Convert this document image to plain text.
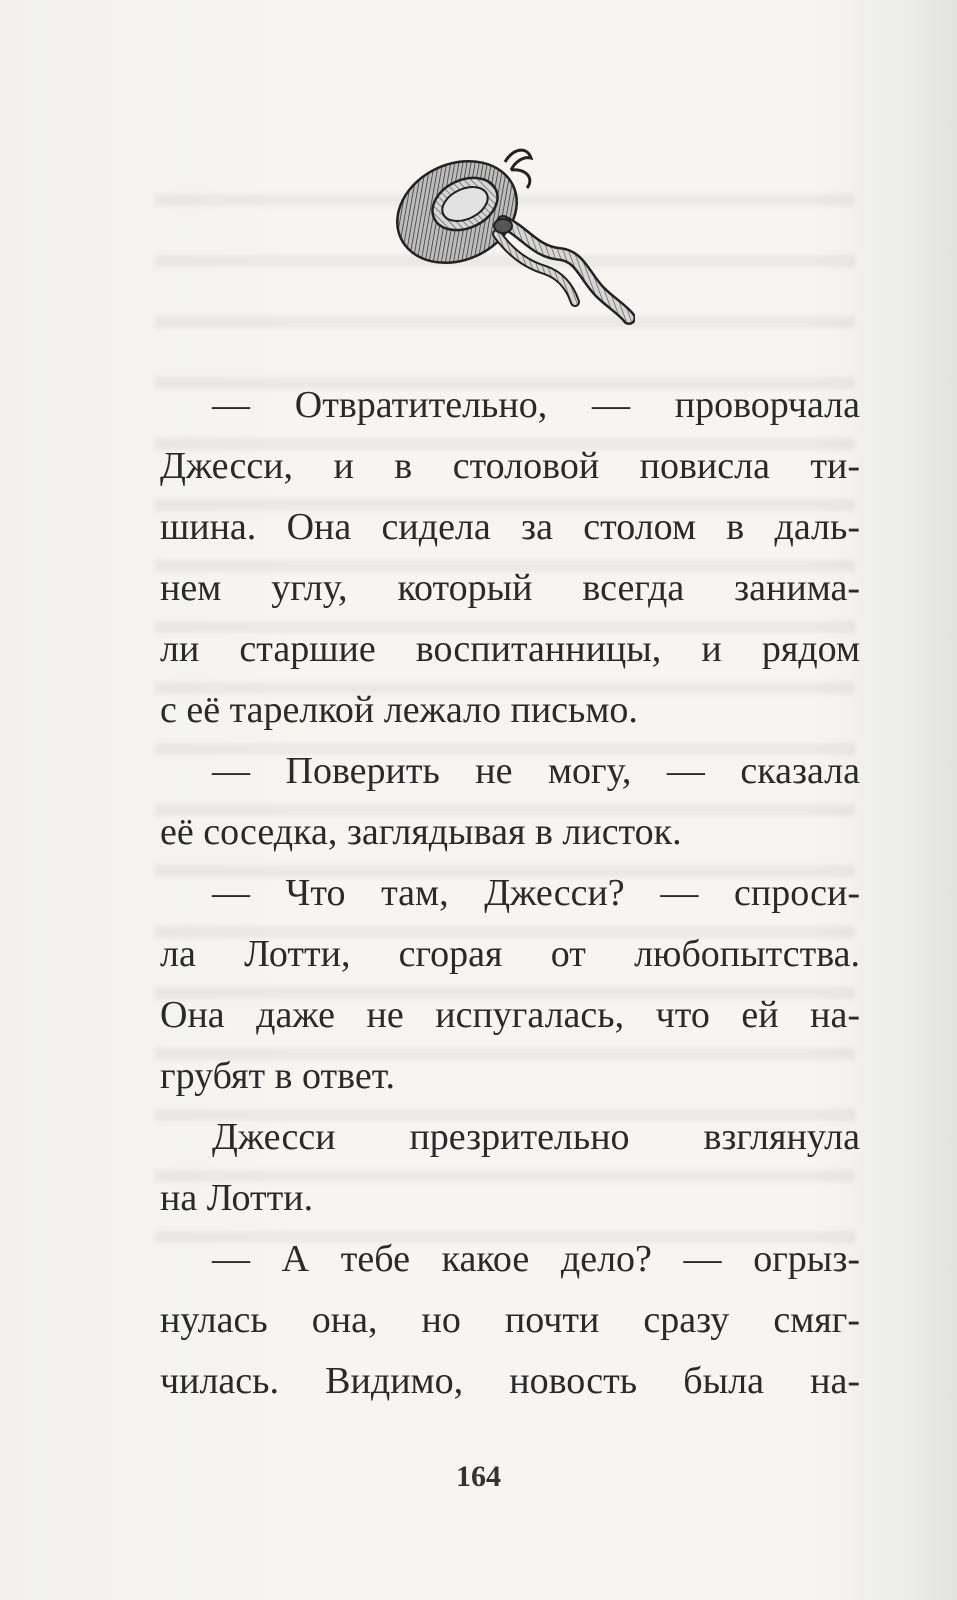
— Отвратительно, — проворчала
Джесси, и в столовой повисла ти-
шина. Она сидела за столом в даль-
нем углу, который всегда занима-
ли старшие воспитанницы, и рядом
с её тарелкой лежало письмо.
— Поверить не могу, — сказала
её соседка, заглядывая в листок.
— Что там, Джесси? — спроси-
ла Лотти, сгорая от любопытства.
Она даже не испугалась, что ей на-
грубят в ответ.
Джесси презрительно взглянула
на Лотти.
— А тебе какое дело? — огрыз-
нулась она, но почти сразу смяг-
чилась. Видимо, новость была на-
164
